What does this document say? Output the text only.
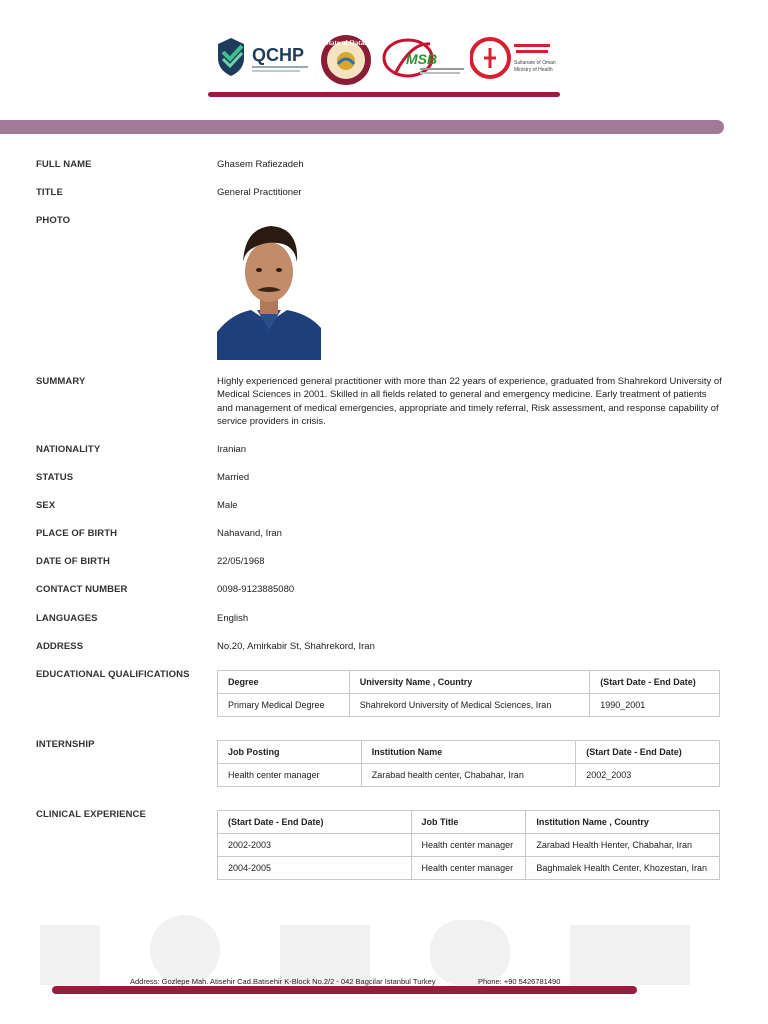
QCHP
State of Qatar
MSB	Sultanate of Oman
Ministry of Health
FULL NAME	Ghasem Rafiezadeh
TITLE	General Practitioner
PHOTO
SUMMARY	Highly experienced general practitioner with more than 22 years of experience, graduated from Shahrekord University of Medical Sciences in 2001. Skilled in all fields related to general and emergency medicine. Early treatment of patients and management of medical emergencies, appropriate and timely referral, Risk assessment, and response capability of service providers in crisis.
NATIONALITY	Iranian
STATUS	Married
SEX	Male
PLACE OF BIRTH	Nahavand, Iran
DATE OF BIRTH	22/05/1968
CONTACT NUMBER	0098-9123885080
LANGUAGES	English
ADDRESS	No.20, Amirkabir St, Shahrekord, Iran
EDUCATIONAL QUALIFICATIONS
Degree	University Name , Country	(Start Date - End Date)
Primary Medical Degree	Shahrekord University of Medical Sciences, Iran	1990_2001
INTERNSHIP
Job Posting	Institution Name	(Start Date - End Date)
Health center manager	Zarabad health center, Chabahar, Iran	2002_2003
CLINICAL EXPERIENCE
(Start Date - End Date)	Job Title	Institution Name , Country
2002-2003	Health center manager	Zarabad Health Henter, Chabahar, Iran
2004-2005	Health center manager	Baghmalek Health Center, Khozestan, Iran
Address: Gozlepe Mah. Atisehir Cad.Batisehir K-Block No.2/2 - 042 Bagcilar Istanbul Turkey	Phone: +90 5426781490
